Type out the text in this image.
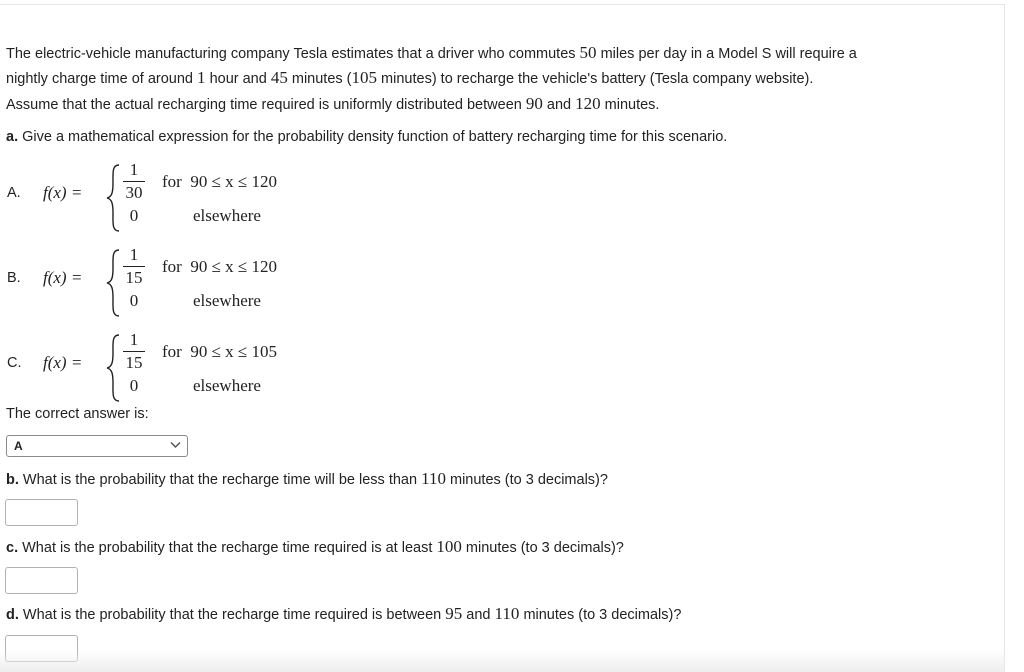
The electric-vehicle manufacturing company Tesla estimates that a driver who commutes 50 miles per day in a Model S will require a
nightly charge time of around 1 hour and 45 minutes (105 minutes) to recharge the vehicle's battery (Tesla company website).
Assume that the actual recharging time required is uniformly distributed between 90 and 120 minutes.
a. Give a mathematical expression for the probability density function of battery recharging time for this scenario.
A. f(x) =
1
30
0
for 90 ≤ x ≤ 120
elsewhere
B. f(x) =
1
15
0
for 90 ≤ x ≤ 120
elsewhere
C. f(x) =
1
15
0
for 90 ≤ x ≤ 105
elsewhere
The correct answer is:
A
b. What is the probability that the recharge time will be less than 110 minutes (to 3 decimals)?
c. What is the probability that the recharge time required is at least 100 minutes (to 3 decimals)?
d. What is the probability that the recharge time required is between 95 and 110 minutes (to 3 decimals)?
